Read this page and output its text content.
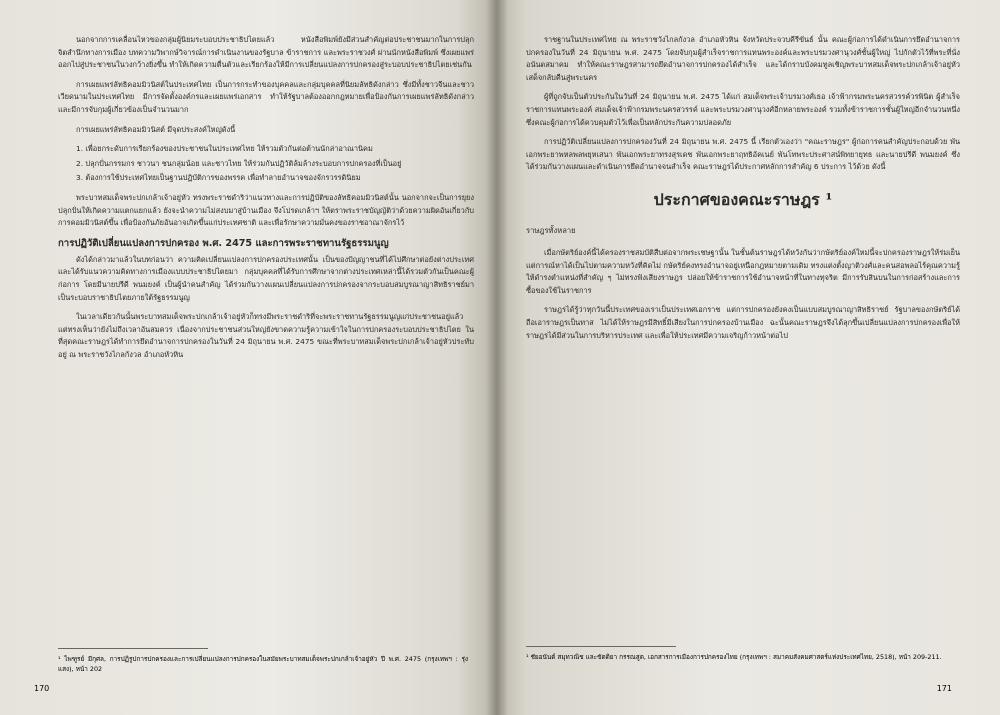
นอกจากการเคลื่อนไหวของกลุ่มผู้นิยมระบอบประชาธิปไตยแล้ว หนังสือพิมพ์ยังมีส่วนสำคัญต่อประชาชนมากในการปลุกจิตสำนึกทางการเมือง บทความวิพากษ์วิจารณ์การดำเนินงานของรัฐบาล ข้าราชการ และพระราชวงศ์ ผ่านนักหนังสือพิมพ์ ซึ่งเผยแพร่ออกไปสู่ประชาชนในวงกว้างยิ่งขึ้น ทำให้เกิดความตื่นตัวและเรียกร้องให้มีการเปลี่ยนแปลงการปกครองสู่ระบอบประชาธิปไตยเช่นกัน

การเผยแพร่ลัทธิคอมมิวนิสต์ในประเทศไทย เป็นการกระทำของบุคคลและกลุ่มบุคคลที่นิยมลัทธิดังกล่าว ซึ่งมีทั้งชาวจีนและชาวเวียดนามในประเทศไทย มีการจัดตั้งองค์กรและเผยแพร่เอกสาร ทำให้รัฐบาลต้องออกกฎหมายเพื่อป้องกันการเผยแพร่ลัทธิดังกล่าว และมีการจับกุมผู้เกี่ยวข้องเป็นจำนวนมาก

การเผยแพร่ลัทธิคอมมิวนิสต์ มีจุดประสงค์ใหญ่ดังนี้

1. เพื่อยกระดับการเรียกร้องของประชาชนในประเทศไทย ให้รวมตัวกันต่อต้านนักล่าอาณานิคม

2. ปลุกปั่นกรรมกร ชาวนา ชนกลุ่มน้อย และชาวไทย ให้ร่วมกันปฏิวัติล้มล้างระบอบการปกครองที่เป็นอยู่

3. ต้องการใช้ประเทศไทยเป็นฐานปฏิบัติการของพรรค เพื่อทำลายอำนาจของจักรวรรดินิยม

พระบาทสมเด็จพระปกเกล้าเจ้าอยู่หัว ทรงพระราชดำริว่าแนวทางและการปฏิบัติของลัทธิคอมมิวนิสต์นั้น นอกจากจะเป็นการยุยงปลุกปั่นให้เกิดความแตกแยกแล้ว ยังจะนำความไม่สงบมาสู่บ้านเมือง จึงโปรดเกล้าฯ ให้ตราพระราชบัญญัติว่าด้วยความผิดอันเกี่ยวกับการคอมมิวนิสต์ขึ้น เพื่อป้องกันภัยอันอาจเกิดขึ้นแก่ประเทศชาติ และเพื่อรักษาความมั่นคงของราชอาณาจักรไว้

การปฏิวัติเปลี่ยนแปลงการปกครอง พ.ศ. 2475 และการพระราชทานรัฐธรรมนูญ

ดังได้กล่าวมาแล้วในบทก่อนว่า ความคิดเปลี่ยนแปลงการปกครองประเทศนั้น เป็นของปัญญาชนที่ได้ไปศึกษาต่อยังต่างประเทศ และได้รับแนวความคิดทางการเมืองแบบประชาธิปไตยมา กลุ่มบุคคลที่ได้รับการศึกษาจากต่างประเทศเหล่านี้ได้รวมตัวกันเป็นคณะผู้ก่อการ โดยมีนายปรีดี พนมยงค์ เป็นผู้นำคนสำคัญ ได้ร่วมกันวางแผนเปลี่ยนแปลงการปกครองจากระบอบสมบูรณาญาสิทธิราชย์มาเป็นระบอบราชาธิปไตยภายใต้รัฐธรรมนูญ

ในเวลาเดียวกันนั้นพระบาทสมเด็จพระปกเกล้าเจ้าอยู่หัวก็ทรงมีพระราชดำริที่จะพระราชทานรัฐธรรมนูญแก่ประชาชนอยู่แล้ว แต่ทรงเห็นว่ายังไม่ถึงเวลาอันสมควร เนื่องจากประชาชนส่วนใหญ่ยังขาดความรู้ความเข้าใจในการปกครองระบอบประชาธิปไตย ในที่สุดคณะราษฎรได้ทำการยึดอำนาจการปกครองในวันที่ 24 มิถุนายน พ.ศ. 2475 ขณะที่พระบาทสมเด็จพระปกเกล้าเจ้าอยู่หัวประทับอยู่ ณ พระราชวังไกลกังวล อำเภอหัวหิน

ราชฐานในประเทศไทย ณ พระราชวังไกลกังวล อำเภอหัวหิน จังหวัดประจวบคีรีขันธ์ นั้น คณะผู้ก่อการได้ดำเนินการยึดอำนาจการปกครองในวันที่ 24 มิถุนายน พ.ศ. 2475 โดยจับกุมผู้สำเร็จราชการแทนพระองค์และพระบรมวงศานุวงศ์ชั้นผู้ใหญ่ ไปกักตัวไว้ที่พระที่นั่งอนันตสมาคม ทำให้คณะราษฎรสามารถยึดอำนาจการปกครองได้สำเร็จ และได้กราบบังคมทูลเชิญพระบาทสมเด็จพระปกเกล้าเจ้าอยู่หัวเสด็จกลับคืนสู่พระนคร

ผู้ที่ถูกจับเป็นตัวประกันในวันที่ 24 มิถุนายน พ.ศ. 2475 ได้แก่ สมเด็จพระเจ้าบรมวงศ์เธอ เจ้าฟ้ากรมพระนครสวรรค์วรพินิต ผู้สำเร็จราชการแทนพระองค์ สมเด็จเจ้าฟ้ากรมพระนครสวรรค์ และพระบรมวงศานุวงศ์อีกหลายพระองค์ รวมทั้งข้าราชการชั้นผู้ใหญ่อีกจำนวนหนึ่ง ซึ่งคณะผู้ก่อการได้ควบคุมตัวไว้เพื่อเป็นหลักประกันความปลอดภัย

การปฏิวัติเปลี่ยนแปลงการปกครองวันที่ 24 มิถุนายน พ.ศ. 2475 นี้ เรียกตัวเองว่า "คณะราษฎร" ผู้ก่อการคนสำคัญประกอบด้วย พันเอกพระยาพหลพลพยุหเสนา พันเอกพระยาทรงสุรเดช พันเอกพระยาฤทธิอัคเนย์ พันโทพระประศาสน์พิทยายุทธ และนายปรีดี พนมยงค์ ซึ่งได้ร่วมกันวางแผนและดำเนินการยึดอำนาจจนสำเร็จ คณะราษฎรได้ประกาศหลักการสำคัญ 6 ประการ ไว้ด้วย ดังนี้

ประกาศของคณะราษฎร ¹
ราษฎรทั้งหลาย

เมื่อกษัตริย์องค์นี้ได้ครองราชสมบัติสืบต่อจากพระเชษฐานั้น ในชั้นต้นราษฎรได้หวังกันว่ากษัตริย์องค์ใหม่นี้จะปกครองราษฎรให้ร่มเย็น แต่การณ์หาได้เป็นไปตามความหวังที่คิดไม่ กษัตริย์คงทรงอำนาจอยู่เหนือกฎหมายตามเดิม ทรงแต่งตั้งญาติวงศ์และคนสอพลอไร้คุณความรู้ให้ดำรงตำแหน่งที่สำคัญ ๆ ไม่ทรงฟังเสียงราษฎร ปล่อยให้ข้าราชการใช้อำนาจหน้าที่ในทางทุจริต มีการรับสินบนในการก่อสร้างและการซื้อของใช้ในราชการ

ราษฎรได้รู้ว่าทุกวันนี้ประเทศของเราเป็นประเทศเอกราช แต่การปกครองยังคงเป็นแบบสมบูรณาญาสิทธิราชย์ รัฐบาลของกษัตริย์ได้ถือเอาราษฎรเป็นทาส ไม่ได้ให้ราษฎรมีสิทธิ์มีเสียงในการปกครองบ้านเมือง ฉะนั้นคณะราษฎรจึงได้ลุกขึ้นเปลี่ยนแปลงการปกครองเพื่อให้ราษฎรได้มีส่วนในการบริหารประเทศ และเพื่อให้ประเทศมีความเจริญก้าวหน้าต่อไป

¹ ไพฑูรย์ มีกุศล, การปฏิรูปการปกครองและการเปลี่ยนแปลงการปกครองในสมัยพระบาทสมเด็จพระปกเกล้าเจ้าอยู่หัว ปี พ.ศ. 2475 (กรุงเทพฯ : รุ่งแสง), หน้า 202

¹ ชัยอนันต์ สมุทวณิช และขัตติยา กรรณสูต, เอกสารการเมืองการปกครองไทย (กรุงเทพฯ : สมาคมสังคมศาสตร์แห่งประเทศไทย, 2518), หน้า 209-211.

170	171
